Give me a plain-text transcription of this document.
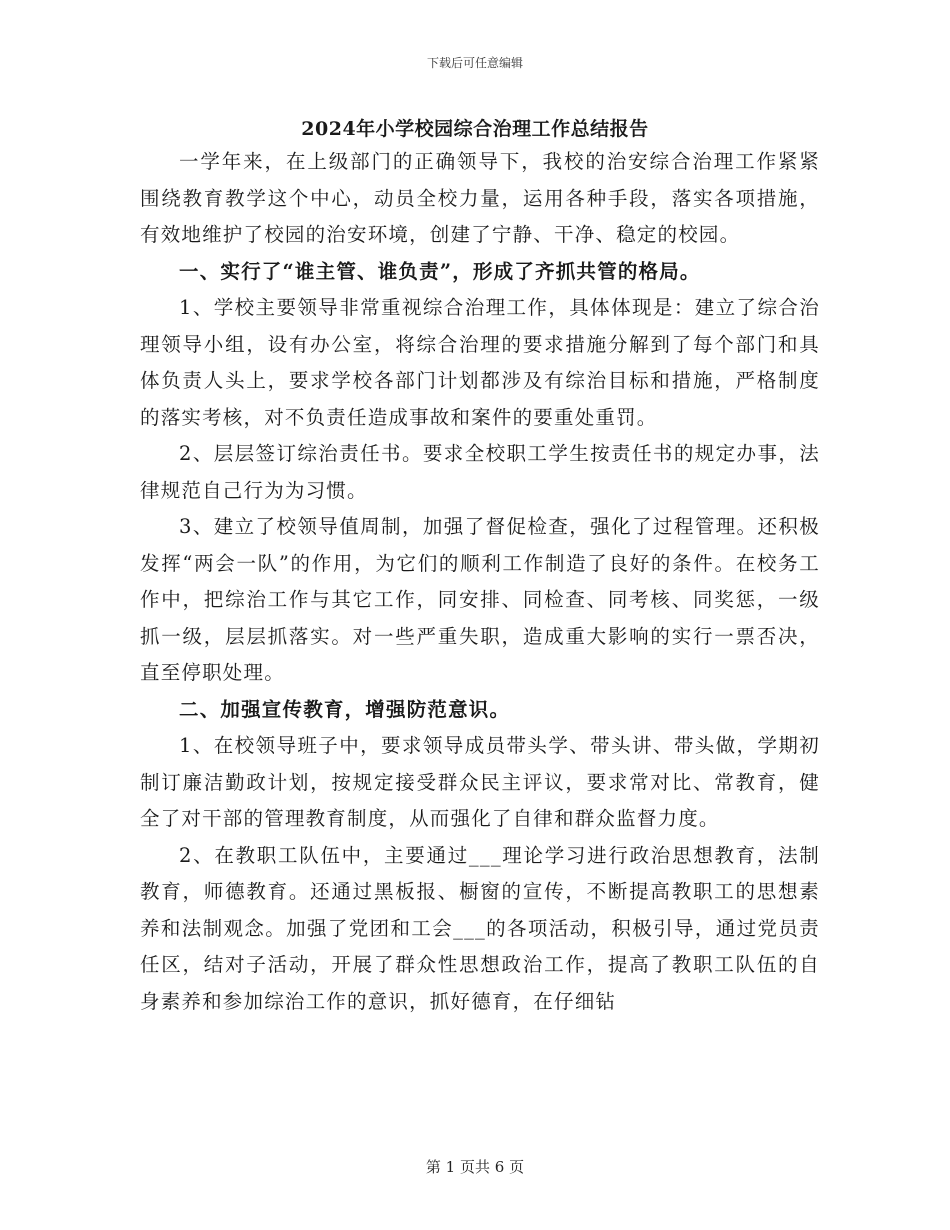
下载后可任意编辑
2024年小学校园综合治理工作总结报告

一学年来，在上级部门的正确领导下，我校的治安综合治理工作紧紧围绕教育教学这个中心，动员全校力量，运用各种手段，落实各项措施，有效地维护了校园的治安环境，创建了宁静、干净、稳定的校园。

一、实行了“谁主管、谁负责”，形成了齐抓共管的格局。

1、学校主要领导非常重视综合治理工作，具体体现是：建立了综合治理领导小组，设有办公室，将综合治理的要求措施分解到了每个部门和具体负责人头上，要求学校各部门计划都涉及有综治目标和措施，严格制度的落实考核，对不负责任造成事故和案件的要重处重罚。

2、层层签订综治责任书。要求全校职工学生按责任书的规定办事，法律规范自己行为为习惯。

3、建立了校领导值周制，加强了督促检查，强化了过程管理。还积极发挥“两会一队”的作用，为它们的顺利工作制造了良好的条件。在校务工作中，把综治工作与其它工作，同安排、同检查、同考核、同奖惩，一级抓一级，层层抓落实。对一些严重失职，造成重大影响的实行一票否决，直至停职处理。

二、加强宣传教育，增强防范意识。

1、在校领导班子中，要求领导成员带头学、带头讲、带头做，学期初制订廉洁勤政计划，按规定接受群众民主评议，要求常对比、常教育，健全了对干部的管理教育制度，从而强化了自律和群众监督力度。

2、在教职工队伍中，主要通过___理论学习进行政治思想教育，法制教育，师德教育。还通过黑板报、橱窗的宣传，不断提高教职工的思想素养和法制观念。加强了党团和工会___的各项活动，积极引导，通过党员责任区，结对子活动，开展了群众性思想政治工作，提高了教职工队伍的自身素养和参加综治工作的意识，抓好德育，在仔细钻

第 1 页共 6 页
